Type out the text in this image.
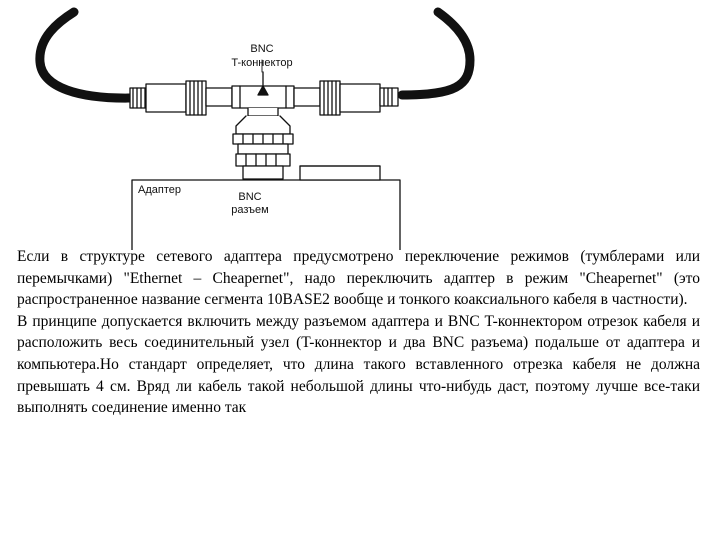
BNC
T-коннектор
Адаптер
BNC
разъем

Если в структуре сетевого адаптера предусмотрено переключение режимов (тумблерами или перемычками) "Ethernet – Cheapernet", надо переключить адаптер в режим "Cheapernet" (это распространенное название сегмента 10BASE2 вообще и тонкого коаксиального кабеля в частности).

В принципе допускается включить между разъемом адаптера и BNC T-коннектором отрезок кабеля и расположить весь соединительный узел (T-коннектор и два BNC разъема) подальше от адаптера и компьютера.Но стандарт определяет, что длина такого вставленного отрезка кабеля не должна превышать 4 см. Вряд ли кабель такой небольшой длины что-нибудь даст, поэтому лучше все-таки выполнять соединение именно так
